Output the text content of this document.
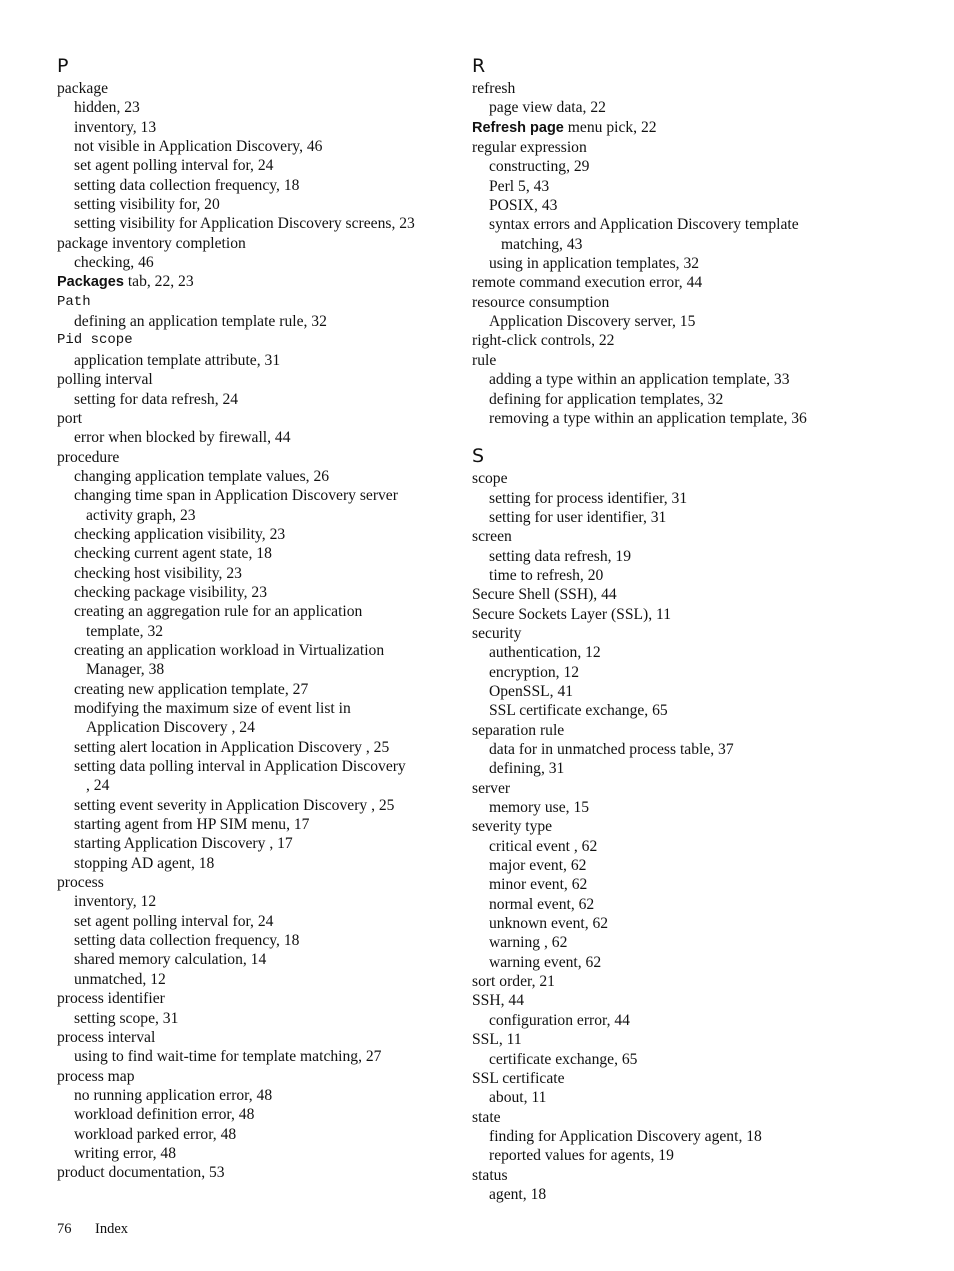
P
package
hidden, 23
inventory, 13
not visible in Application Discovery, 46
set agent polling interval for, 24
setting data collection frequency, 18
setting visibility for, 20
setting visibility for Application Discovery screens, 23
package inventory completion
checking, 46
Packages tab, 22, 23
Path
defining an application template rule, 32
Pid scope
application template attribute, 31
polling interval
setting for data refresh, 24
port
error when blocked by firewall, 44
procedure
changing application template values, 26
changing time span in Application Discovery server
activity graph, 23
checking application visibility, 23
checking current agent state, 18
checking host visibility, 23
checking package visibility, 23
creating an aggregation rule for an application
template, 32
creating an application workload in Virtualization
Manager, 38
creating new application template, 27
modifying the maximum size of event list in
Application Discovery , 24
setting alert location in Application Discovery , 25
setting data polling interval in Application Discovery
, 24
setting event severity in Application Discovery , 25
starting agent from HP SIM menu, 17
starting Application Discovery , 17
stopping AD agent, 18
process
inventory, 12
set agent polling interval for, 24
setting data collection frequency, 18
shared memory calculation, 14
unmatched, 12
process identifier
setting scope, 31
process interval
using to find wait-time for template matching, 27
process map
no running application error, 48
workload definition error, 48
workload parked error, 48
writing error, 48
product documentation, 53
R
refresh
page view data, 22
Refresh page menu pick, 22
regular expression
constructing, 29
Perl 5, 43
POSIX, 43
syntax errors and Application Discovery template
matching, 43
using in application templates, 32
remote command execution error, 44
resource consumption
Application Discovery server, 15
right-click controls, 22
rule
adding a type within an application template, 33
defining for application templates, 32
removing a type within an application template, 36
S
scope
setting for process identifier, 31
setting for user identifier, 31
screen
setting data refresh, 19
time to refresh, 20
Secure Shell (SSH), 44
Secure Sockets Layer (SSL), 11
security
authentication, 12
encryption, 12
OpenSSL, 41
SSL certificate exchange, 65
separation rule
data for in unmatched process table, 37
defining, 31
server
memory use, 15
severity type
critical event , 62
major event, 62
minor event, 62
normal event, 62
unknown event, 62
warning , 62
warning event, 62
sort order, 21
SSH, 44
configuration error, 44
SSL, 11
certificate exchange, 65
SSL certificate
about, 11
state
finding for Application Discovery agent, 18
reported values for agents, 19
status
agent, 18
76 Index
